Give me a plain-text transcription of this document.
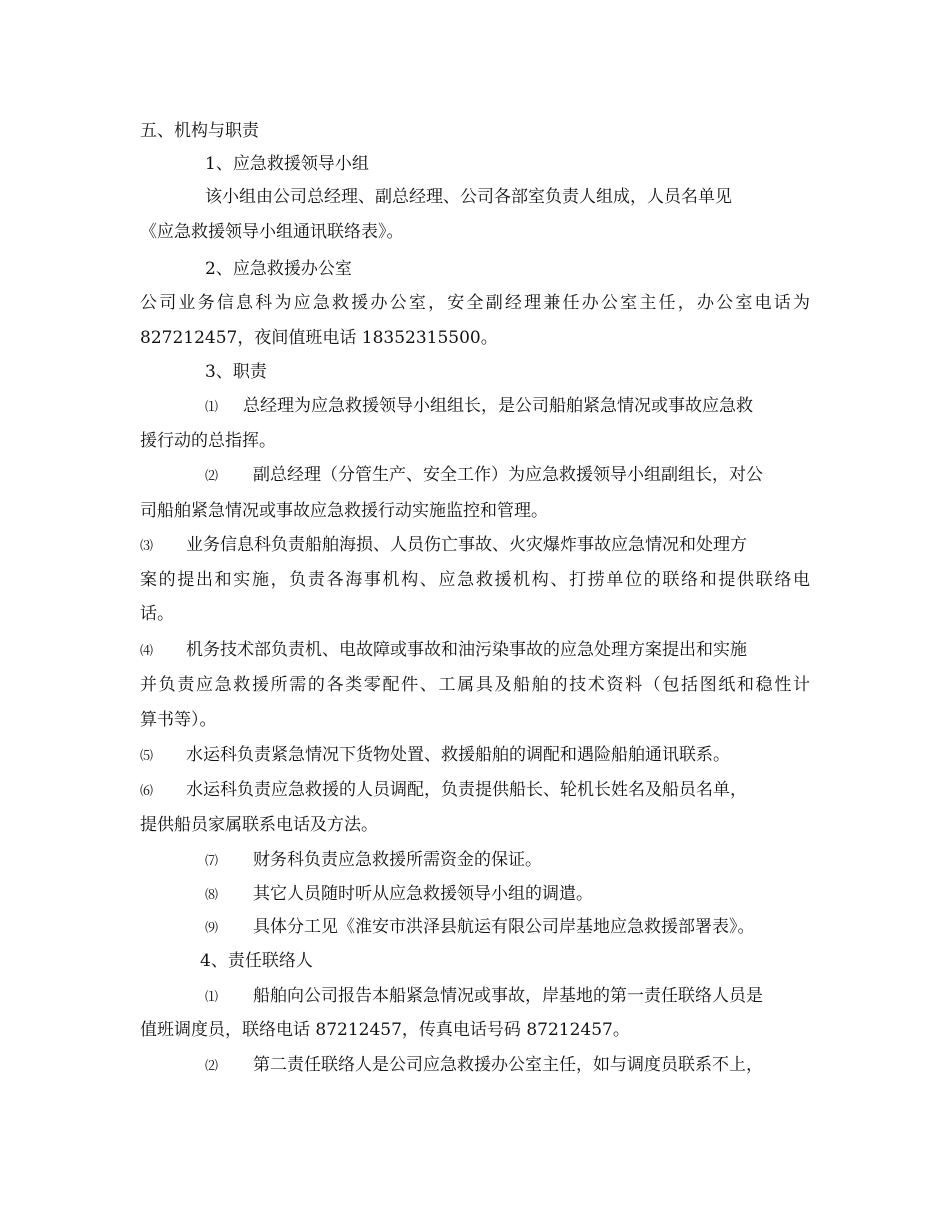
五、机构与职责

1、应急救援领导小组

该小组由公司总经理、副总经理、公司各部室负责人组成，人员名单见

《应急救援领导小组通讯联络表》。

2、应急救援办公室

公司业务信息科为应急救援办公室，安全副经理兼任办公室主任，办公室电话为

827212457，夜间值班电话 18352315500。

3、职责

⑴ 总经理为应急救援领导小组组长，是公司船舶紧急情况或事故应急救

援行动的总指挥。

⑵ 副总经理（分管生产、安全工作）为应急救援领导小组副组长，对公

司船舶紧急情况或事故应急救援行动实施监控和管理。

⑶ 业务信息科负责船舶海损、人员伤亡事故、火灾爆炸事故应急情况和处理方

案的提出和实施，负责各海事机构、应急救援机构、打捞单位的联络和提供联络电

话。

⑷ 机务技术部负责机、电故障或事故和油污染事故的应急处理方案提出和实施

并负责应急救援所需的各类零配件、工属具及船舶的技术资料（包括图纸和稳性计

算书等）。

⑸ 水运科负责紧急情况下货物处置、救援船舶的调配和遇险船舶通讯联系。

⑹ 水运科负责应急救援的人员调配，负责提供船长、轮机长姓名及船员名单，

提供船员家属联系电话及方法。

⑺ 财务科负责应急救援所需资金的保证。

⑻ 其它人员随时听从应急救援领导小组的调遣。

⑼ 具体分工见《淮安市洪泽县航运有限公司岸基地应急救援部署表》。

4、责任联络人

⑴ 船舶向公司报告本船紧急情况或事故，岸基地的第一责任联络人员是

值班调度员，联络电话 87212457，传真电话号码 87212457。

⑵ 第二责任联络人是公司应急救援办公室主任，如与调度员联系不上，
